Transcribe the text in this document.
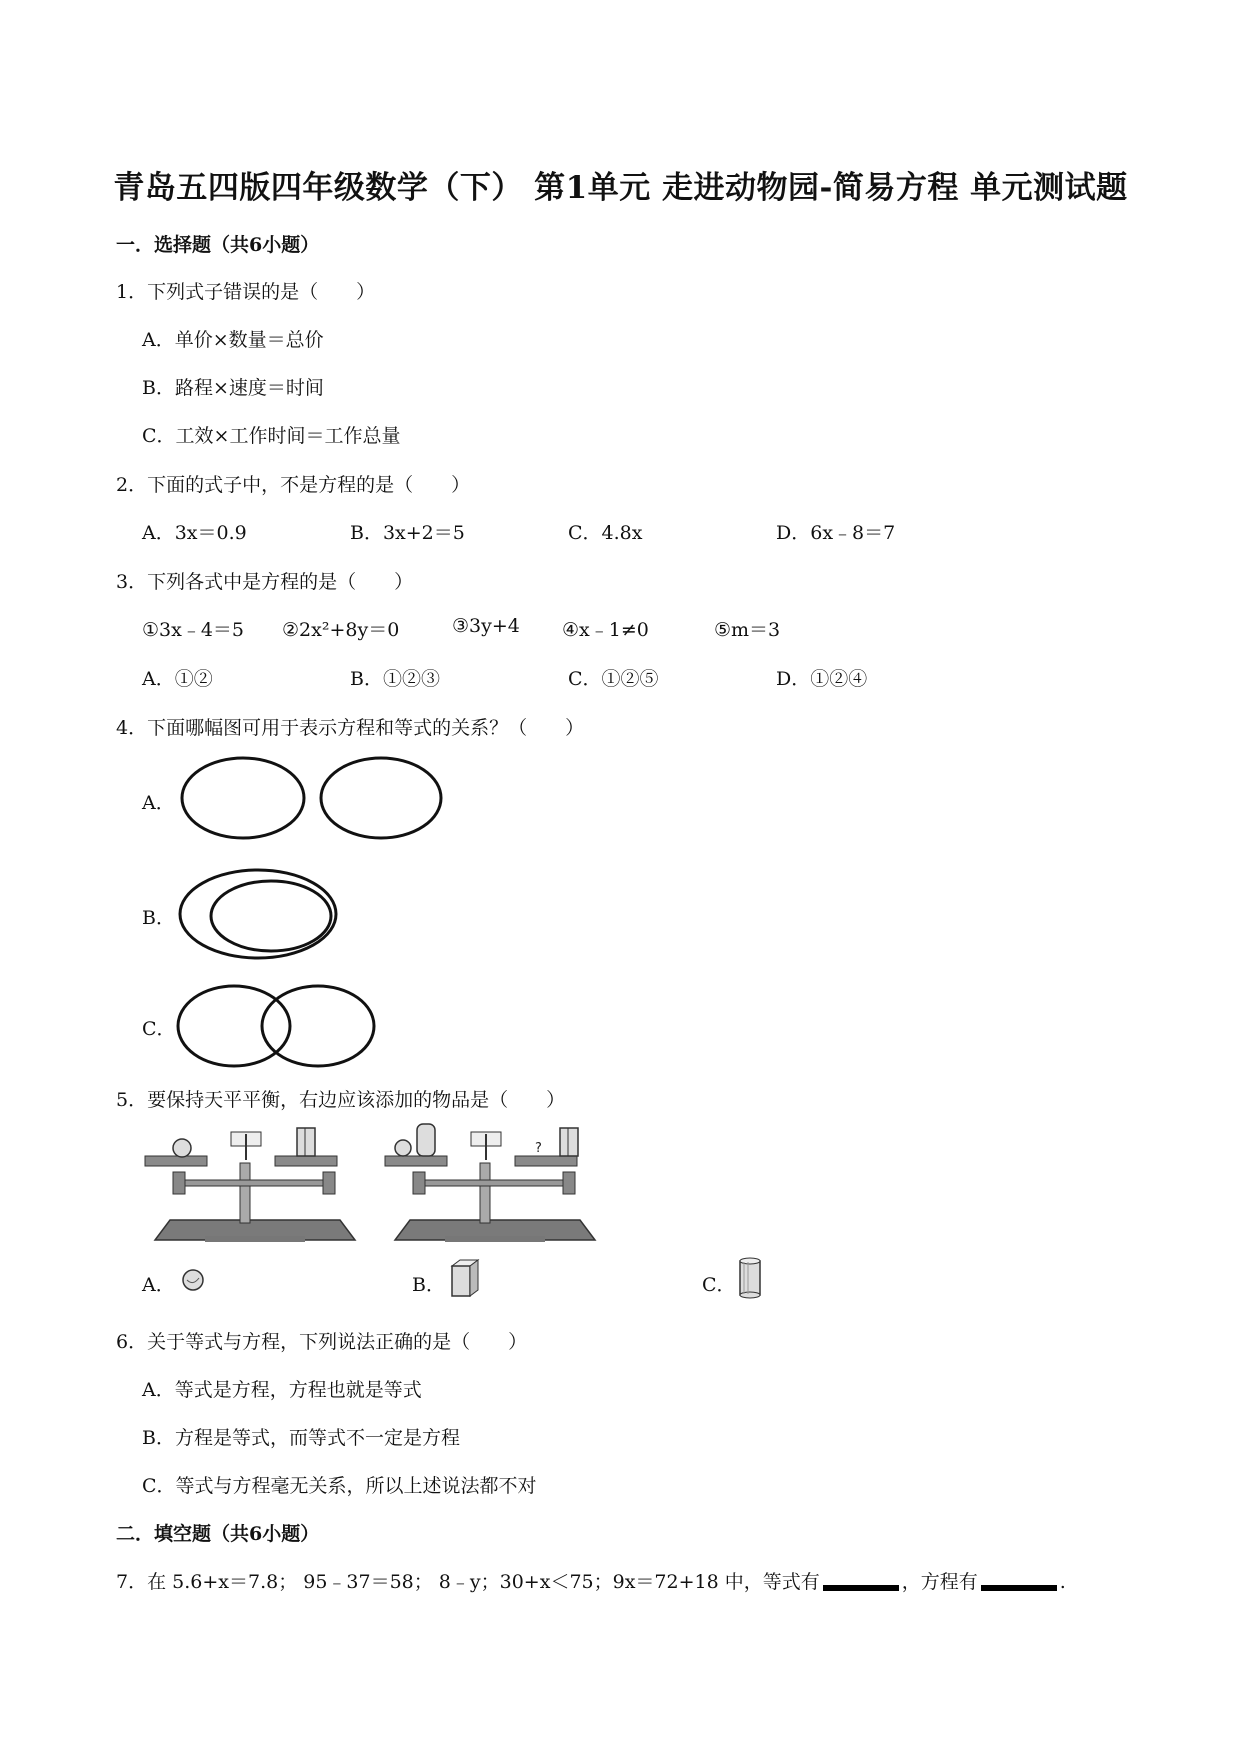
青岛五四版四年级数学（下） 第1单元 走进动物园-简易方程 单元测试题
一．选择题（共6小题）
1．下列式子错误的是（　　）
A．单价×数量＝总价
B．路程×速度＝时间
C．工效×工作时间＝工作总量
2．下面的式子中，不是方程的是（　　）
A．3x＝0.9	B．3x+2＝5	C．4.8x	D．6x﹣8＝7
3．下列各式中是方程的是（　　）
①3x﹣4＝5 ②2x²+8y＝0	③3y+4 ④x﹣1≠0	⑤m＝3
A．①②	B．①②③	C．①②⑤	D．①②④
4．下面哪幅图可用于表示方程和等式的关系？（　　）
A．
B．
C．
5．要保持天平平衡，右边应该添加的物品是（　　）
?
A．	B．	C．
6．关于等式与方程，下列说法正确的是（　　）
A．等式是方程，方程也就是等式
B．方程是等式，而等式不一定是方程
C．等式与方程毫无关系，所以上述说法都不对
二．填空题（共6小题）
7．在 5.6+x＝7.8； 95﹣37＝58； 8﹣y；30+x＜75；9x＝72+18 中，等式有	，方程有	.
